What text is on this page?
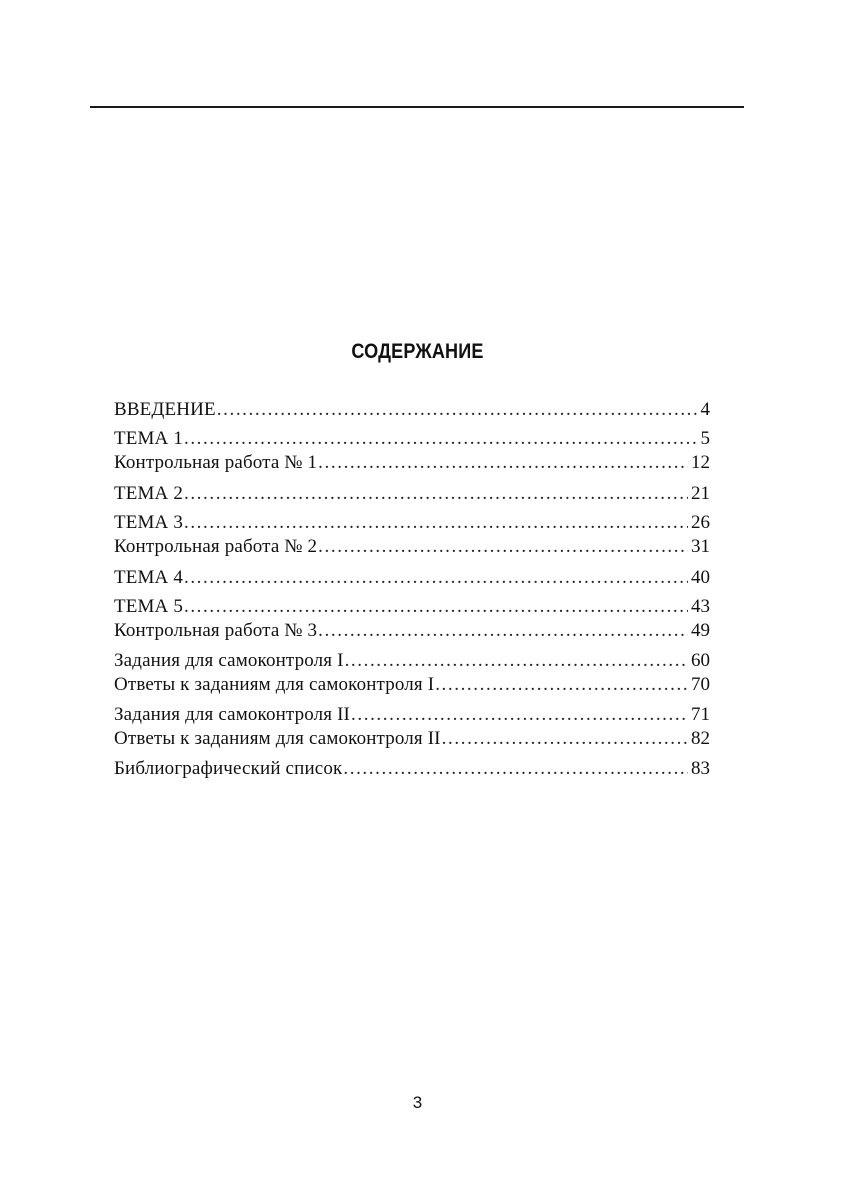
СОДЕРЖАНИЕ
ВВЕДЕНИЕ .....	4
ТЕМА 1 .....	5
Контрольная работа № 1 .....	12
ТЕМА 2 .....	21
ТЕМА 3 .....	26
Контрольная работа № 2 .....	31
ТЕМА 4 .....	40
ТЕМА 5 .....	43
Контрольная работа № 3 .....	49
Задания для самоконтроля I .....	60
Ответы к заданиям для самоконтроля I .....	70
Задания для самоконтроля II .....	71
Ответы к заданиям для самоконтроля II .....	82
Библиографический список .....	83
3
